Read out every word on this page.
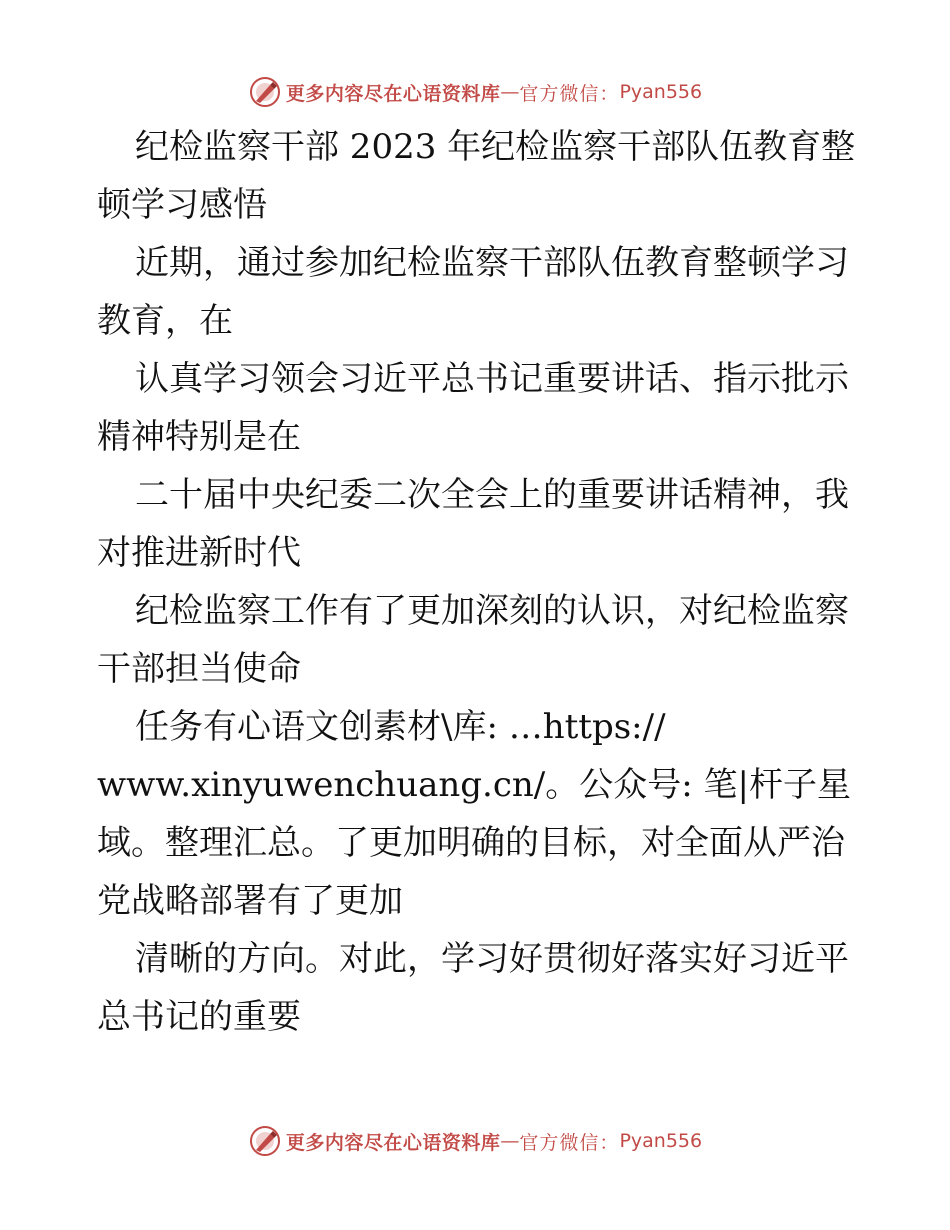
更多内容尽在心语资料库 — 官方微信： Pyan556
纪检监察干部 2023 年纪检监察干部队伍教育整
顿学习感悟
近期，通过参加纪检监察干部队伍教育整顿学习
教育，在
认真学习领会习近平总书记重要讲话、指示批示
精神特别是在
二十届中央纪委二次全会上的重要讲话精神，我
对推进新时代
纪检监察工作有了更加深刻的认识，对纪检监察
干部担当使命
任务有心语文创素材\库: …https://
www.xinyuwenchuang.cn/。公众号: 笔|杆子星
域。整理汇总。了更加明确的目标，对全面从严治
党战略部署有了更加
清晰的方向。对此，学习好贯彻好落实好习近平
总书记的重要
更多内容尽在心语资料库 — 官方微信： Pyan556
